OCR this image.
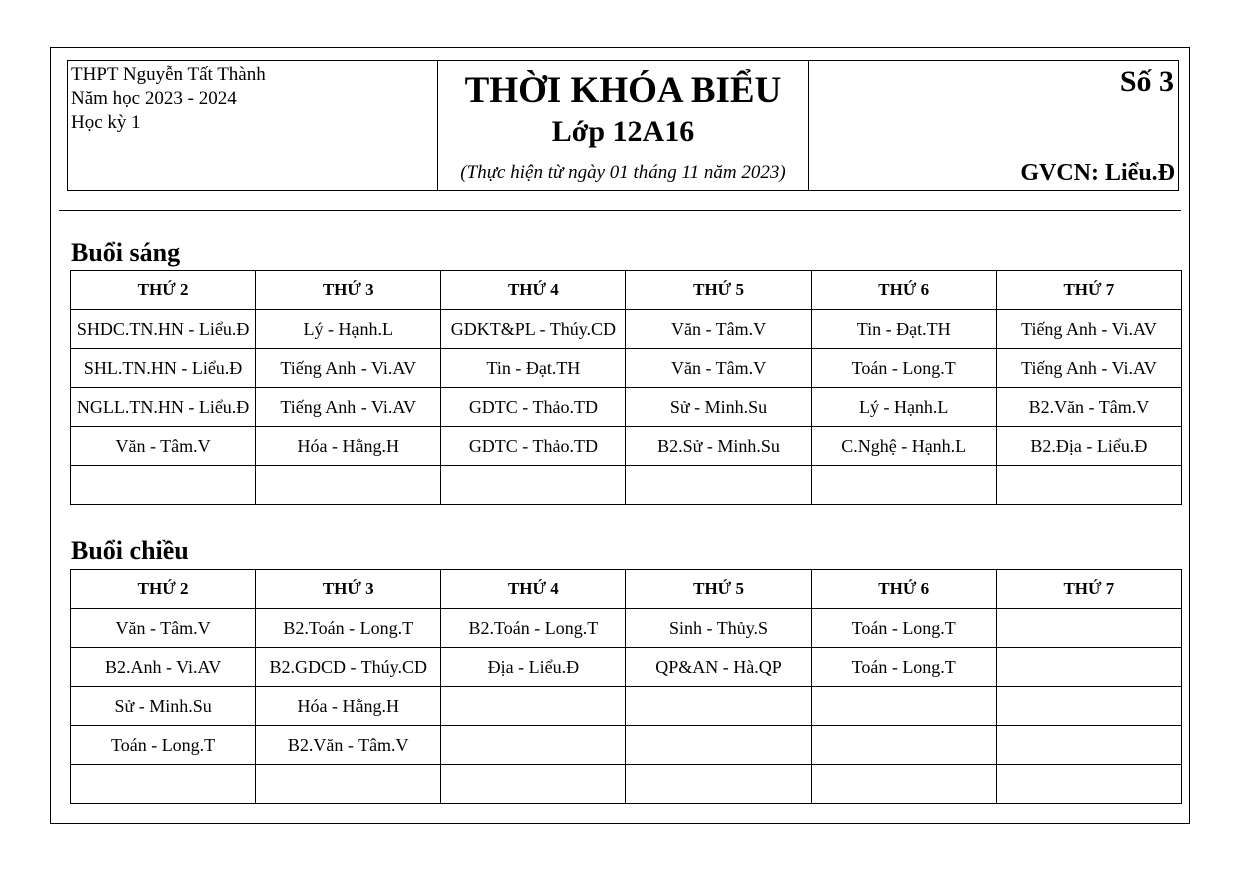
THPT Nguyễn Tất Thành
Năm học 2023 - 2024
Học kỳ 1
THỜI KHÓA BIỂU
Lớp 12A16
(Thực hiện từ ngày 01 tháng 11 năm 2023)
Số 3
GVCN: Liểu.Đ
Buổi sáng
THỨ 2	THỨ 3	THỨ 4	THỨ 5	THỨ 6	THỨ 7
SHDC.TN.HN - Liểu.Đ	Lý - Hạnh.L	GDKT&PL - Thúy.CD	Văn - Tâm.V	Tin - Đạt.TH	Tiếng Anh - Vi.AV
SHL.TN.HN - Liểu.Đ	Tiếng Anh - Vi.AV	Tin - Đạt.TH	Văn - Tâm.V	Toán - Long.T	Tiếng Anh - Vi.AV
NGLL.TN.HN - Liểu.Đ	Tiếng Anh - Vi.AV	GDTC - Thảo.TD	Sử - Minh.Su	Lý - Hạnh.L	B2.Văn - Tâm.V
Văn - Tâm.V	Hóa - Hằng.H	GDTC - Thảo.TD	B2.Sử - Minh.Su	C.Nghệ - Hạnh.L	B2.Địa - Liểu.Đ

Buổi chiều
THỨ 2	THỨ 3	THỨ 4	THỨ 5	THỨ 6	THỨ 7
Văn - Tâm.V	B2.Toán - Long.T	B2.Toán - Long.T	Sinh - Thủy.S	Toán - Long.T	
B2.Anh - Vi.AV	B2.GDCD - Thúy.CD	Địa - Liểu.Đ	QP&AN - Hà.QP	Toán - Long.T	
Sử - Minh.Su	Hóa - Hằng.H				
Toán - Long.T	B2.Văn - Tâm.V				
